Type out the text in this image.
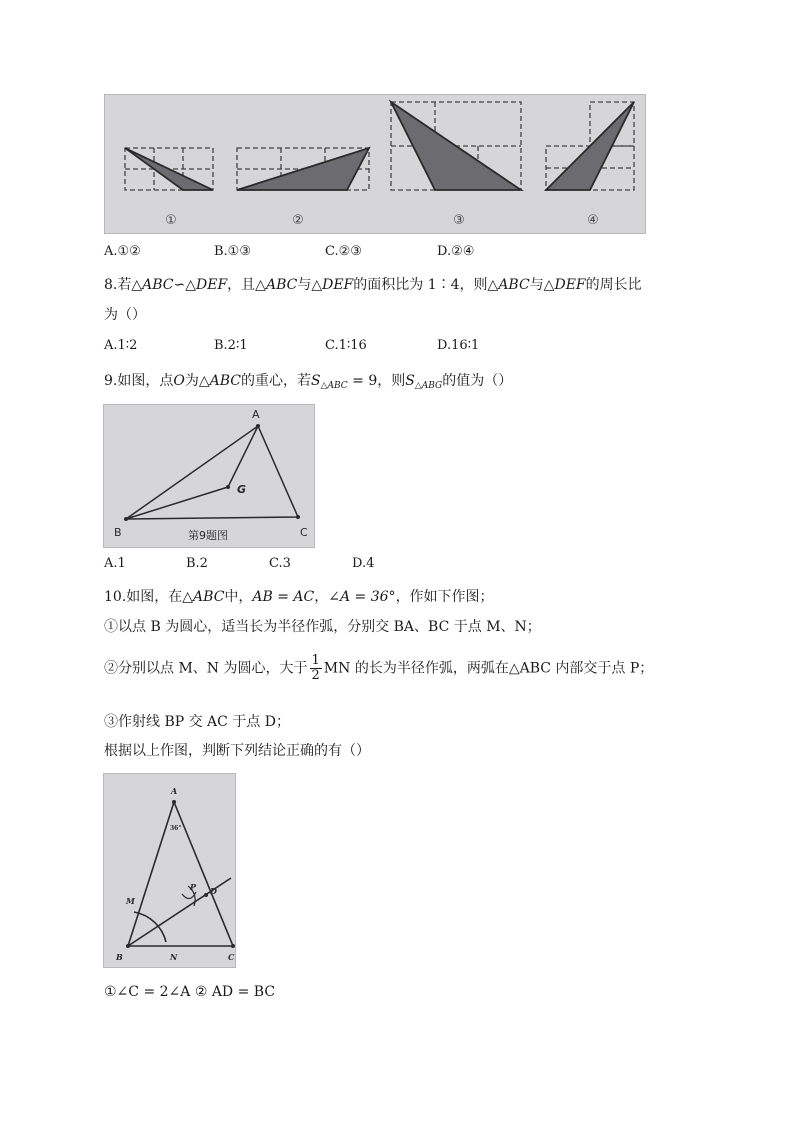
①	②	③	④
A.①②	B.①③	C.②③	D.②④
8.若△ABC∽△DEF，且△ABC与△DEF的面积比为 1∶4，则△ABC与△DEF的周长比
为（）
A.1∶2	B.2∶1	C.1∶16	D.16∶1
9.如图，点O为△ABC的重心，若$S_{\triangle ABC} = 9$，则$S_{\triangle ABG}$的值为（）
A
B	C
G
第9题图
A.1	B.2	C.3	D.4
10.如图，在△ABC中，AB = AC，∠A = 36°，作如下作图；
①以点 B 为圆心，适当长为半径作弧，分别交 BA、BC 于点 M、N；
②分别以点 M、N 为圆心，大于 $\frac{1}{2}$ MN 的长为半径作弧，两弧在△ABC 内部交于点 P；
③作射线 BP 交 AC 于点 D；
根据以上作图，判断下列结论正确的有（）
A
36°
M
P D
B	N	C
①∠C = 2∠A ② AD = BC
